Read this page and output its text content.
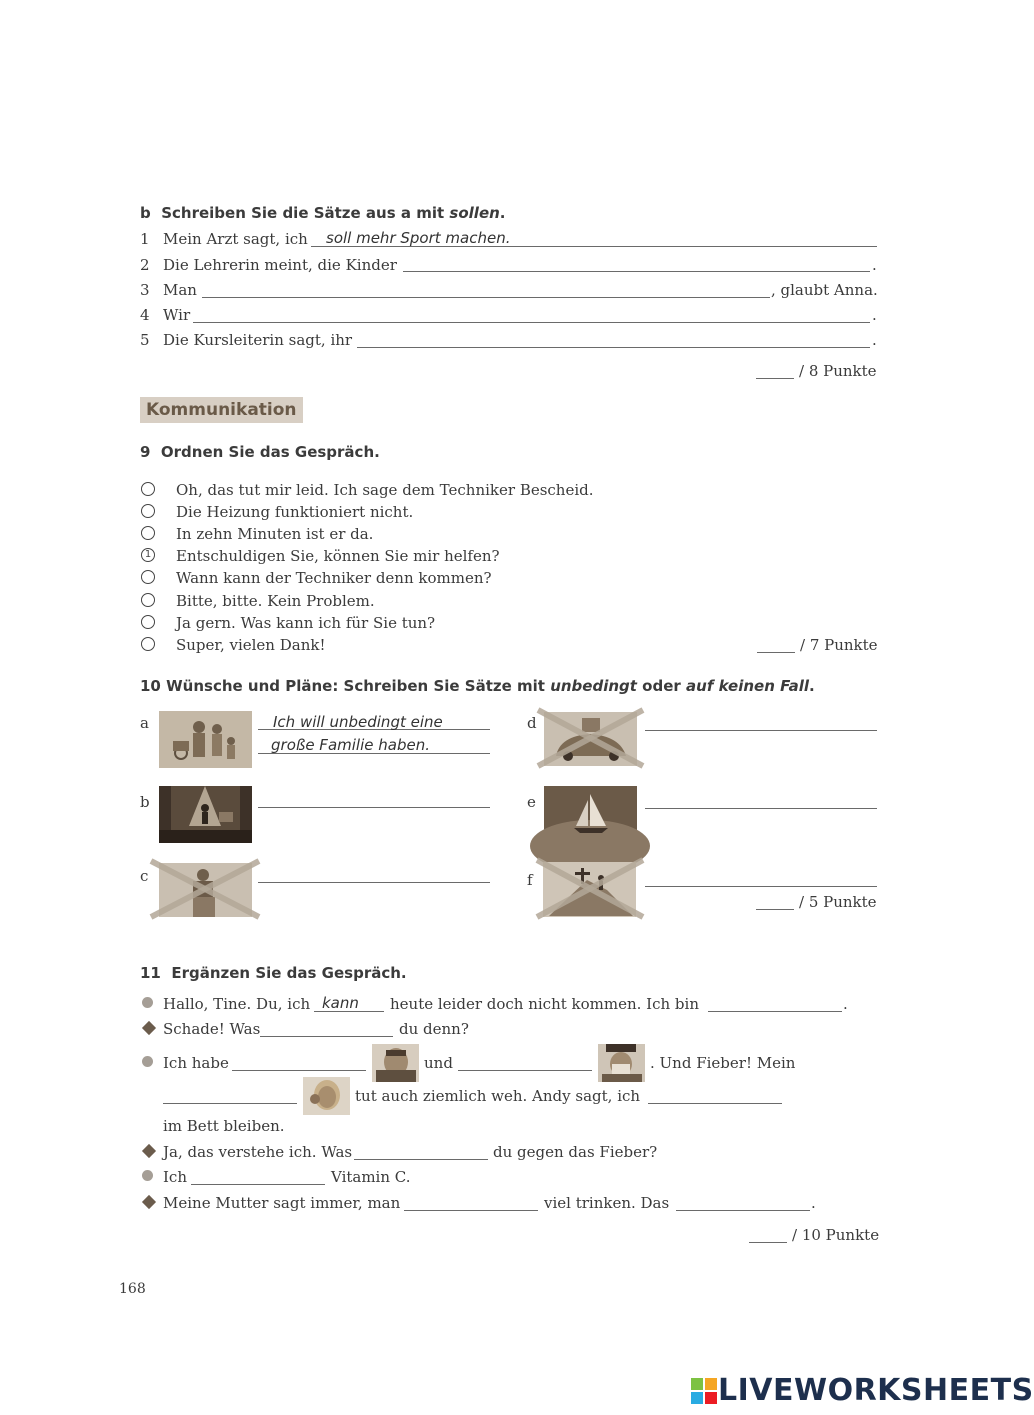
b Schreiben Sie die Sätze aus a mit sollen.
1 Mein Arzt sagt, ich soll mehr Sport machen.
2 Die Lehrerin meint, die Kinder	.
3 Man	, glaubt Anna.
4 Wir	.
5 Die Kursleiterin sagt, ihr	.
/ 8 Punkte
Kommunikation
9 Ordnen Sie das Gespräch.
Oh, das tut mir leid. Ich sage dem Techniker Bescheid.
Die Heizung funktioniert nicht.
In zehn Minuten ist er da.
1 Entschuldigen Sie, können Sie mir helfen?
Wann kann der Techniker denn kommen?
Bitte, bitte. Kein Problem.
Ja gern. Was kann ich für Sie tun?
Super, vielen Dank!	/ 7 Punkte
10 Wünsche und Pläne: Schreiben Sie Sätze mit unbedingt oder auf keinen Fall.
a	Ich will unbedingt eine
große Familie haben.
b
c
d
e
f
/ 5 Punkte
11 Ergänzen Sie das Gespräch.
Hallo, Tine. Du, ich kann heute leider doch nicht kommen. Ich bin	.
Schade! Was	du denn?
Ich habe	und	. Und Fieber! Mein
tut auch ziemlich weh. Andy sagt, ich
im Bett bleiben.
Ja, das verstehe ich. Was	du gegen das Fieber?
Ich	Vitamin C.
Meine Mutter sagt immer, man	viel trinken. Das	.
/ 10 Punkte
168
LIVEWORKSHEETS
